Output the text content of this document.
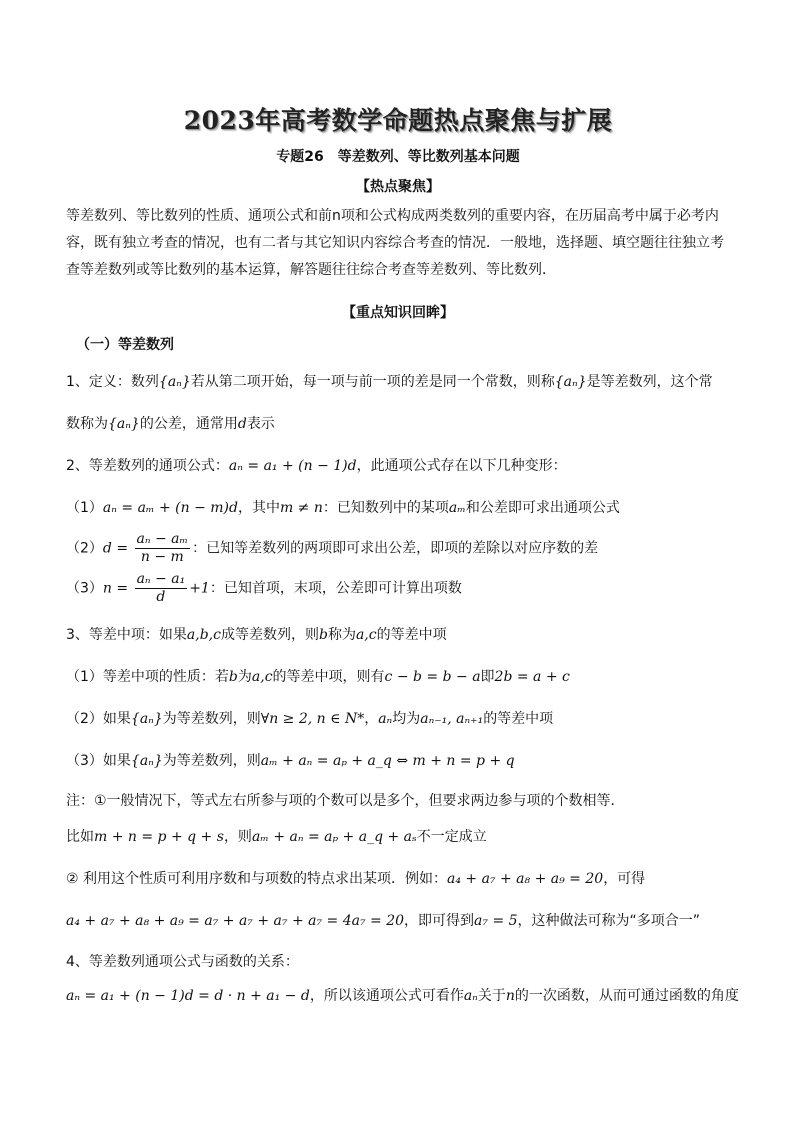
2023年高考数学命题热点聚焦与扩展
专题26　等差数列、等比数列基本问题
【热点聚焦】
等差数列、等比数列的性质、通项公式和前n项和公式构成两类数列的重要内容，在历届高考中属于必考内容，既有独立考查的情况，也有二者与其它知识内容综合考查的情况．一般地，选择题、填空题往往独立考查等差数列或等比数列的基本运算，解答题往往综合考查等差数列、等比数列．
【重点知识回眸】
（一）等差数列
1、定义：数列{aₙ}若从第二项开始，每一项与前一项的差是同一个常数，则称{aₙ}是等差数列，这个常
数称为{aₙ}的公差，通常用d表示
2、等差数列的通项公式：aₙ = a₁ + (n − 1)d，此通项公式存在以下几种变形：
（1）aₙ = aₘ + (n − m)d，其中m ≠ n：已知数列中的某项aₘ和公差即可求出通项公式
$(2)d = \frac{\text{aₙ − aₘ}}{n - m}$ ：已知等差数列的两项即可求出公差，即项的差除以对应序数的差
$(3)n = \frac{\text{aₙ − a₁}}{d} +1$：已知首项，末项，公差即可计算出项数
3、等差中项：如果a,b,c成等差数列，则b称为a,c的等差中项
（1）等差中项的性质：若b为a,c的等差中项，则有c − b = b − a即2b = a + c
（2）如果{aₙ}为等差数列，则∀n ≥ 2, n ∈ N*，aₙ均为aₙ₋₁, aₙ₊₁的等差中项
（3）如果{aₙ}为等差数列，则aₘ + aₙ = aₚ + a_q ⇔ m + n = p + q
注：①一般情况下，等式左右所参与项的个数可以是多个，但要求两边参与项的个数相等．
比如m + n = p + q + s，则aₘ + aₙ = aₚ + a_q + aₛ不一定成立
② 利用这个性质可利用序数和与项数的特点求出某项．例如：a₄ + a₇ + a₈ + a₉ = 20，可得
a₄ + a₇ + a₈ + a₉ = a₇ + a₇ + a₇ + a₇ = 4a₇ = 20，即可得到a₇ = 5，这种做法可称为“多项合一”
4、等差数列通项公式与函数的关系：
aₙ = a₁ + (n − 1)d = d · n + a₁ − d，所以该通项公式可看作aₙ关于n的一次函数，从而可通过函数的角度
